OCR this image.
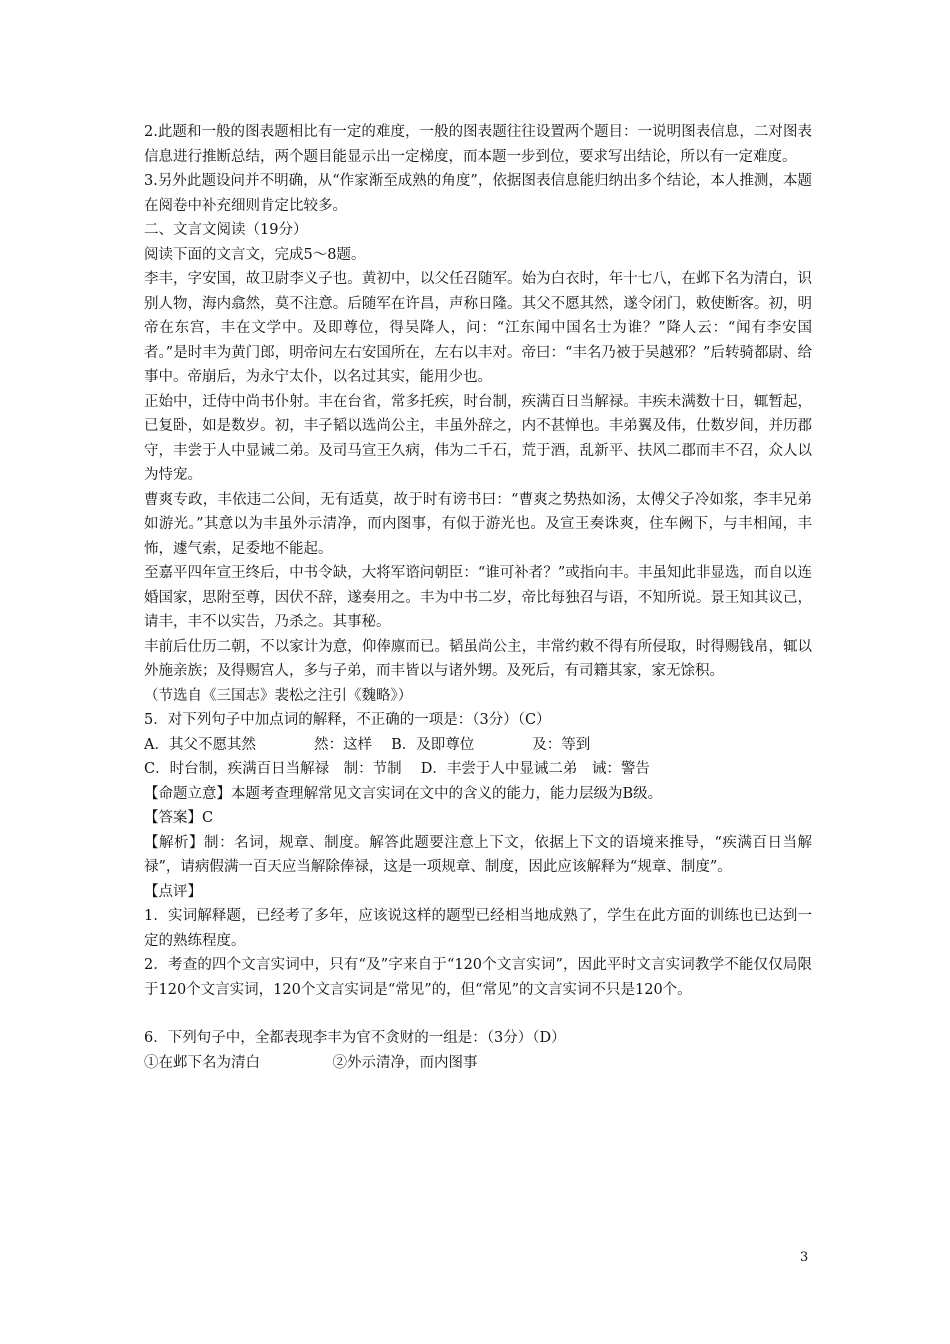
2.此题和一般的图表题相比有一定的难度，一般的图表题往往设置两个题目：一说明图表信息，二对图表信息进行推断总结，两个题目能显示出一定梯度，而本题一步到位，要求写出结论，所以有一定难度。

3.另外此题设问并不明确，从“作家渐至成熟的角度”，依据图表信息能归纳出多个结论，本人推测，本题在阅卷中补充细则肯定比较多。

二、文言文阅读（19分）

阅读下面的文言文，完成5～8题。

李丰，字安国，故卫尉李义子也。黄初中，以父任召随军。始为白衣时，年十七八，在邺下名为清白，识别人物，海内翕然，莫不注意。后随军在许昌，声称日隆。其父不愿其然，遂令闭门，敕使断客。初，明帝在东宫，丰在文学中。及即尊位，得吴降人，问：“江东闻中国名士为谁？”降人云：“闻有李安国者。”是时丰为黄门郎，明帝问左右安国所在，左右以丰对。帝曰：“丰名乃被于吴越邪？”后转骑都尉、给事中。帝崩后，为永宁太仆，以名过其实，能用少也。

正始中，迁侍中尚书仆射。丰在台省，常多托疾，时台制，疾满百日当解禄。丰疾未满数十日，辄暂起，已复卧，如是数岁。初，丰子韬以选尚公主，丰虽外辞之，内不甚惮也。丰弟翼及伟，仕数岁间，并历郡守，丰尝于人中显诫二弟。及司马宣王久病，伟为二千石，荒于酒，乱新平、扶风二郡而丰不召，众人以为恃宠。

曹爽专政，丰依违二公间，无有适莫，故于时有谤书曰：“曹爽之势热如汤，太傅父子冷如浆，李丰兄弟如游光。”其意以为丰虽外示清净，而内图事，有似于游光也。及宣王奏诛爽，住车阙下，与丰相闻，丰怖，遽气索，足委地不能起。

至嘉平四年宣王终后，中书令缺，大将军谘问朝臣：“谁可补者？”或指向丰。丰虽知此非显选，而自以连婚国家，思附至尊，因伏不辞，遂奏用之。丰为中书二岁，帝比每独召与语，不知所说。景王知其议己，请丰，丰不以实告，乃杀之。其事秘。

丰前后仕历二朝，不以家计为意，仰俸廪而已。韬虽尚公主，丰常约敕不得有所侵取，时得赐钱帛，辄以外施亲族；及得赐宫人，多与子弟，而丰皆以与诸外甥。及死后，有司籍其家，家无馀积。

（节选自《三国志》裴松之注引《魏略》）

5．对下列句子中加点词的解释，不正确的一项是：（3分）（C）

A．其父不愿其然　　　　然：这样　 B．及即尊位　　　　及：等到

C．时台制，疾满百日当解禄　制：节制　 D．丰尝于人中显诫二弟　诫：警告

【命题立意】本题考查理解常见文言实词在文中的含义的能力，能力层级为B级。

【答案】C

【解析】制：名词，规章、制度。解答此题要注意上下文，依据上下文的语境来推导，“疾满百日当解禄”，请病假满一百天应当解除俸禄，这是一项规章、制度，因此应该解释为“规章、制度”。

【点评】

1．实词解释题，已经考了多年，应该说这样的题型已经相当地成熟了，学生在此方面的训练也已达到一定的熟练程度。

2．考查的四个文言实词中，只有“及”字来自于“120个文言实词”，因此平时文言实词教学不能仅仅局限于120个文言实词，120个文言实词是“常见”的，但“常见”的文言实词不只是120个。

6．下列句子中，全都表现李丰为官不贪财的一组是：（3分）（D）

①在邺下名为清白　　　　　②外示清净，而内图事

3
